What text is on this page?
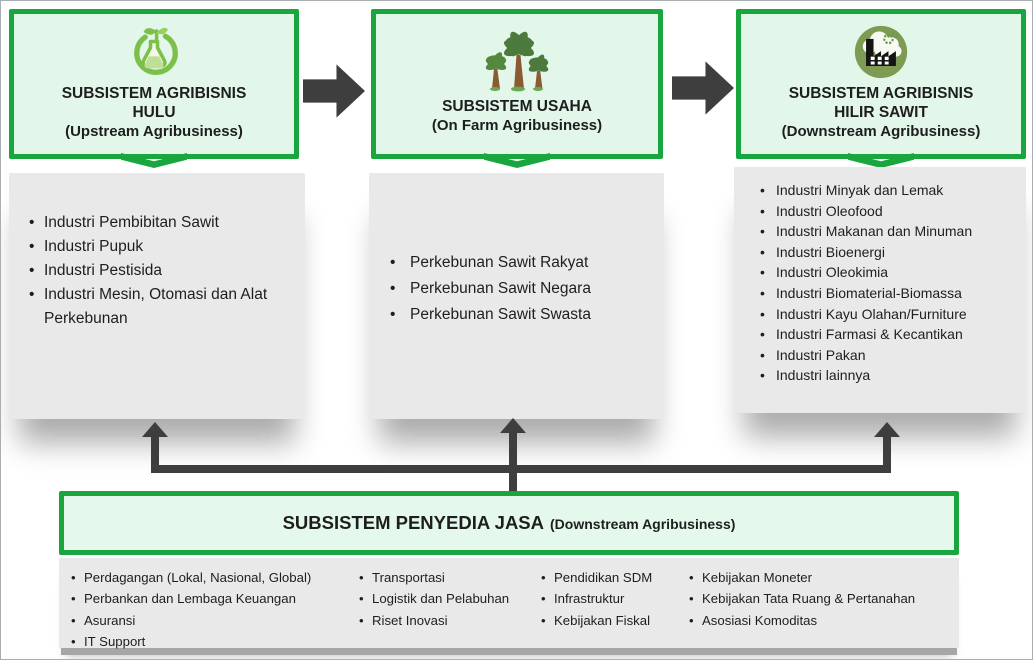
SUBSISTEM AGRIBISNIS
HULU
(Upstream Agribusiness)
SUBSISTEM USAHA
(On Farm Agribusiness)
SUBSISTEM AGRIBISNIS
HILIR SAWIT
(Downstream Agribusiness)
• Industri Pembibitan Sawit
• Industri Pupuk
• Industri Pestisida
• Industri Mesin, Otomasi dan Alat Perkebunan
• Perkebunan Sawit Rakyat
• Perkebunan Sawit Negara
• Perkebunan Sawit Swasta
• Industri Minyak dan Lemak
• Industri Oleofood
• Industri Makanan dan Minuman
• Industri Bioenergi
• Industri Oleokimia
• Industri Biomaterial-Biomassa
• Industri Kayu Olahan/Furniture
• Industri Farmasi & Kecantikan
• Industri Pakan
• Industri lainnya
SUBSISTEM PENYEDIA JASA (Downstream Agribusiness)
• Perdagangan (Lokal, Nasional, Global)
• Perbankan dan Lembaga Keuangan
• Asuransi
• IT Support
• Transportasi
• Logistik dan Pelabuhan
• Riset Inovasi
• Pendidikan SDM
• Infrastruktur
• Kebijakan Fiskal
• Kebijakan Moneter
• Kebijakan Tata Ruang & Pertanahan
• Asosiasi Komoditas
